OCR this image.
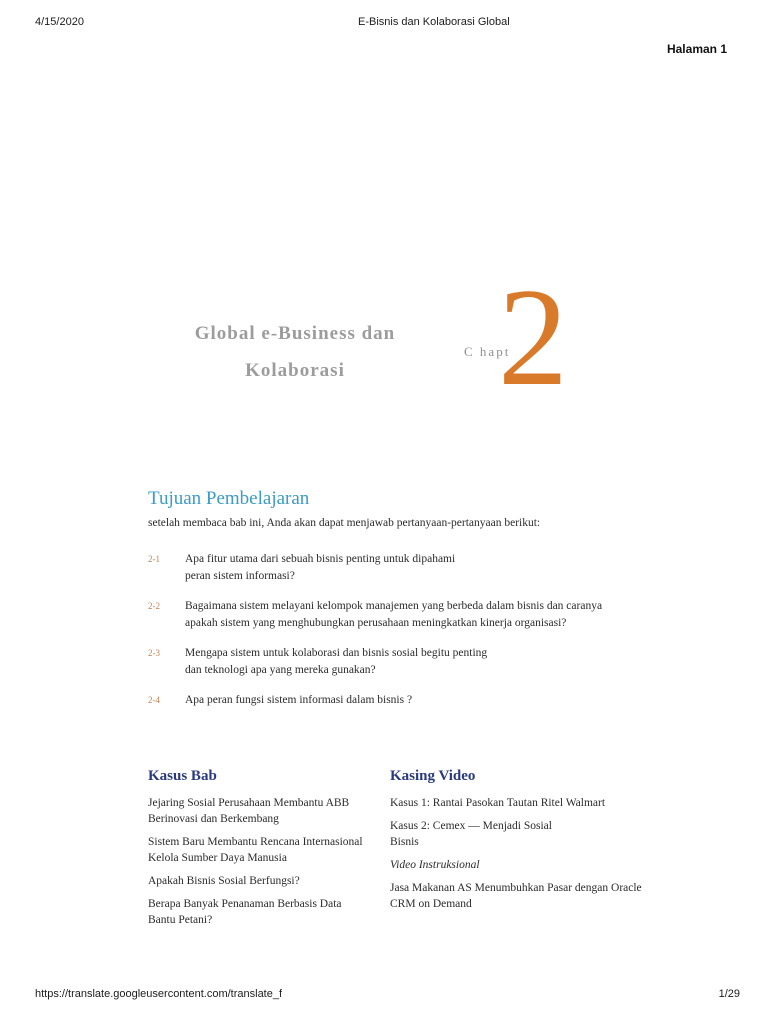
4/15/2020	E-Bisnis dan Kolaborasi Global
Halaman 1
Global e-Business dan
Kolaborasi
C hapt
2
Tujuan Pembelajaran

setelah membaca bab ini, Anda akan dapat menjawab pertanyaan-pertanyaan berikut:

2-1	Apa fitur utama dari sebuah bisnis penting untuk dipahami
peran sistem informasi?
2-2	Bagaimana sistem melayani kelompok manajemen yang berbeda dalam bisnis dan caranya
apakah sistem yang menghubungkan perusahaan meningkatkan kinerja organisasi?
2-3	Mengapa sistem untuk kolaborasi dan bisnis sosial begitu penting
dan teknologi apa yang mereka gunakan?
2-4	Apa peran fungsi sistem informasi dalam bisnis ?
Kasus Bab
Jejaring Sosial Perusahaan Membantu ABB
Berinovasi dan Berkembang
Sistem Baru Membantu Rencana Internasional
Kelola Sumber Daya Manusia
Apakah Bisnis Sosial Berfungsi?
Berapa Banyak Penanaman Berbasis Data
Bantu Petani?
Kasing Video
Kasus 1: Rantai Pasokan Tautan Ritel Walmart
Kasus 2: Cemex — Menjadi Sosial
Bisnis
Video Instruksional
Jasa Makanan AS Menumbuhkan Pasar dengan Oracle
CRM on Demand
https://translate.googleusercontent.com/translate_f	1/29
